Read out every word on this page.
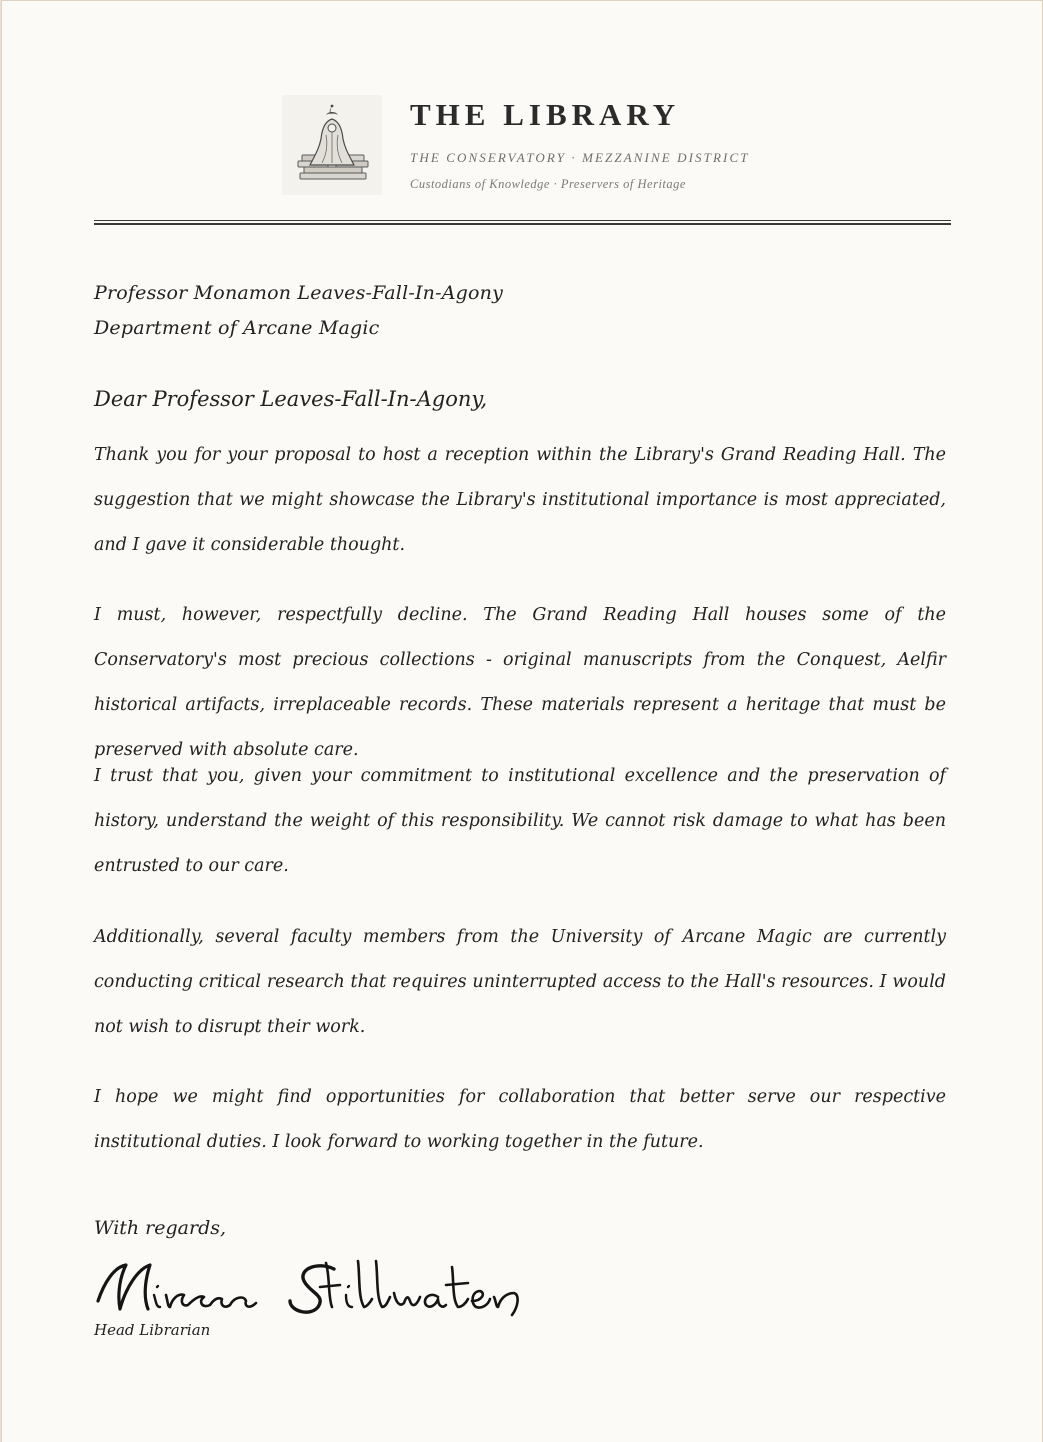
THE LIBRARY
THE CONSERVATORY · MEZZANINE DISTRICT
Custodians of Knowledge · Preservers of Heritage
Professor Monamon Leaves-Fall-In-Agony
Department of Arcane Magic
Dear Professor Leaves-Fall-In-Agony,
Thank you for your proposal to host a reception within the Library's Grand Reading Hall. The suggestion that we might showcase the Library's institutional importance is most appreciated, and I gave it considerable thought.
I must, however, respectfully decline. The Grand Reading Hall houses some of the Conservatory's most precious collections - original manuscripts from the Conquest, Aelfir historical artifacts, irreplaceable records. These materials represent a heritage that must be preserved with absolute care.
I trust that you, given your commitment to institutional excellence and the preservation of history, understand the weight of this responsibility. We cannot risk damage to what has been entrusted to our care.
Additionally, several faculty members from the University of Arcane Magic are currently conducting critical research that requires uninterrupted access to the Hall's resources. I would not wish to disrupt their work.
I hope we might find opportunities for collaboration that better serve our respective institutional duties. I look forward to working together in the future.
With regards,
Head Librarian
